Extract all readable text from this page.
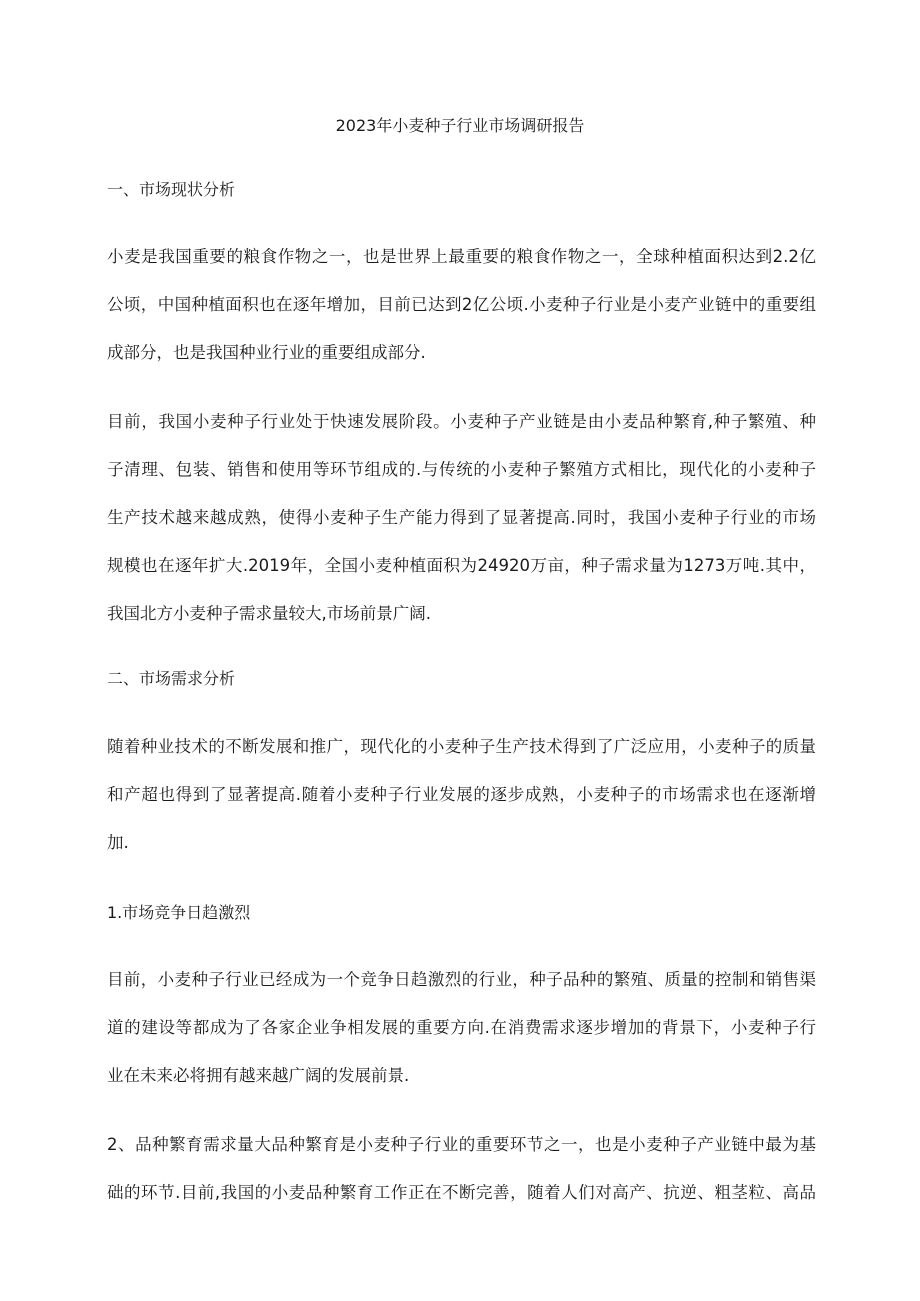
2023年小麦种子行业市场调研报告
一、市场现状分析

小麦是我国重要的粮食作物之一，也是世界上最重要的粮食作物之一，全球种植面积达到2.2亿

公顷，中国种植面积也在逐年增加，目前已达到2亿公顷.小麦种子行业是小麦产业链中的重要组

成部分，也是我国种业行业的重要组成部分.

目前，我国小麦种子行业处于快速发展阶段。小麦种子产业链是由小麦品种繁育,种子繁殖、种

子清理、包装、销售和使用等环节组成的.与传统的小麦种子繁殖方式相比，现代化的小麦种子

生产技术越来越成熟，使得小麦种子生产能力得到了显著提高.同时，我国小麦种子行业的市场

规模也在逐年扩大.2019年，全国小麦种植面积为24920万亩，种子需求量为1273万吨.其中，

我国北方小麦种子需求量较大,市场前景广阔.

二、市场需求分析

随着种业技术的不断发展和推广，现代化的小麦种子生产技术得到了广泛应用，小麦种子的质量

和产超也得到了显著提高.随着小麦种子行业发展的逐步成熟，小麦种子的市场需求也在逐渐增

加.

1.市场竞争日趋激烈

目前，小麦种子行业已经成为一个竞争日趋激烈的行业，种子品种的繁殖、质量的控制和销售渠

道的建设等都成为了各家企业争相发展的重要方向.在消费需求逐步增加的背景下，小麦种子行

业在未来必将拥有越来越广阔的发展前景.

2、品种繁育需求量大品种繁育是小麦种子行业的重要环节之一，也是小麦种子产业链中最为基

础的环节.目前,我国的小麦品种繁育工作正在不断完善，随着人们对高产、抗逆、粗茎粒、高品
